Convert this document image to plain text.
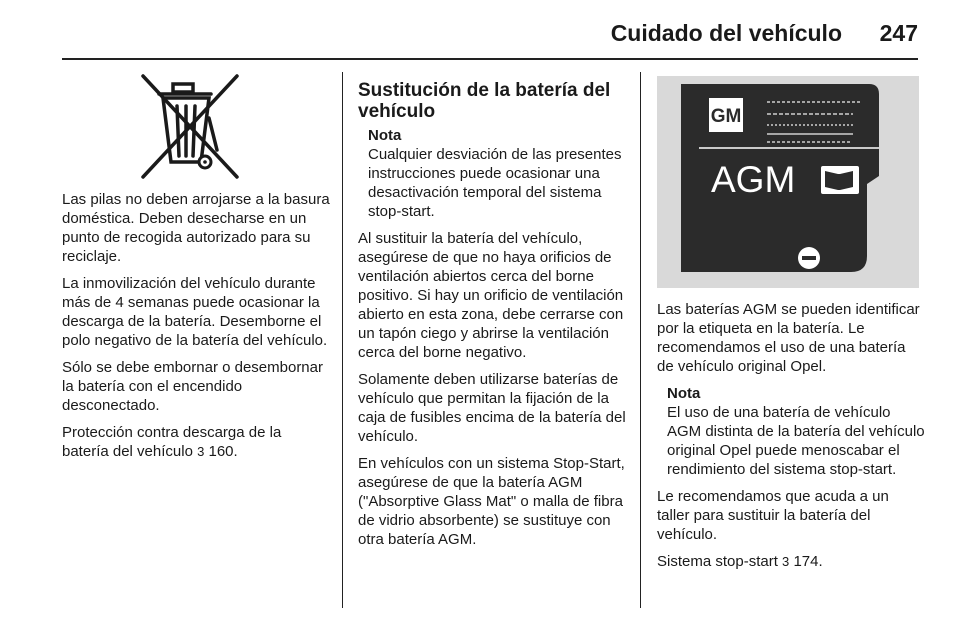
Cuidado del vehículo 247

Las pilas no deben arrojarse a la basura doméstica. Deben desecharse en un punto de recogida autorizado para su reciclaje.

La inmovilización del vehículo durante más de 4 semanas puede ocasionar la descarga de la batería. Desemborne el polo negativo de la batería del vehículo.

Sólo se debe embornar o desembornar la batería con el encendido desconectado.

Protección contra descarga de la batería del vehículo 3 160.

Sustitución de la batería del vehículo
Nota
Cualquier desviación de las presentes instrucciones puede ocasionar una desactivación temporal del sistema stop-start.

Al sustituir la batería del vehículo, asegúrese de que no haya orificios de ventilación abiertos cerca del borne positivo. Si hay un orificio de ventilación abierto en esta zona, debe cerrarse con un tapón ciego y abrirse la ventilación cerca del borne negativo.

Solamente deben utilizarse baterías de vehículo que permitan la fijación de la caja de fusibles encima de la batería del vehículo.

En vehículos con un sistema Stop-Start, asegúrese de que la batería AGM ("Absorptive Glass Mat" o malla de fibra de vidrio absorbente) se sustituye con otra batería AGM.

GM
AGM

Las baterías AGM se pueden identificar por la etiqueta en la batería. Le recomendamos el uso de una batería de vehículo original Opel.

Nota
El uso de una batería de vehículo AGM distinta de la batería del vehículo original Opel puede menoscabar el rendimiento del sistema stop-start.

Le recomendamos que acuda a un taller para sustituir la batería del vehículo.

Sistema stop-start 3 174.
